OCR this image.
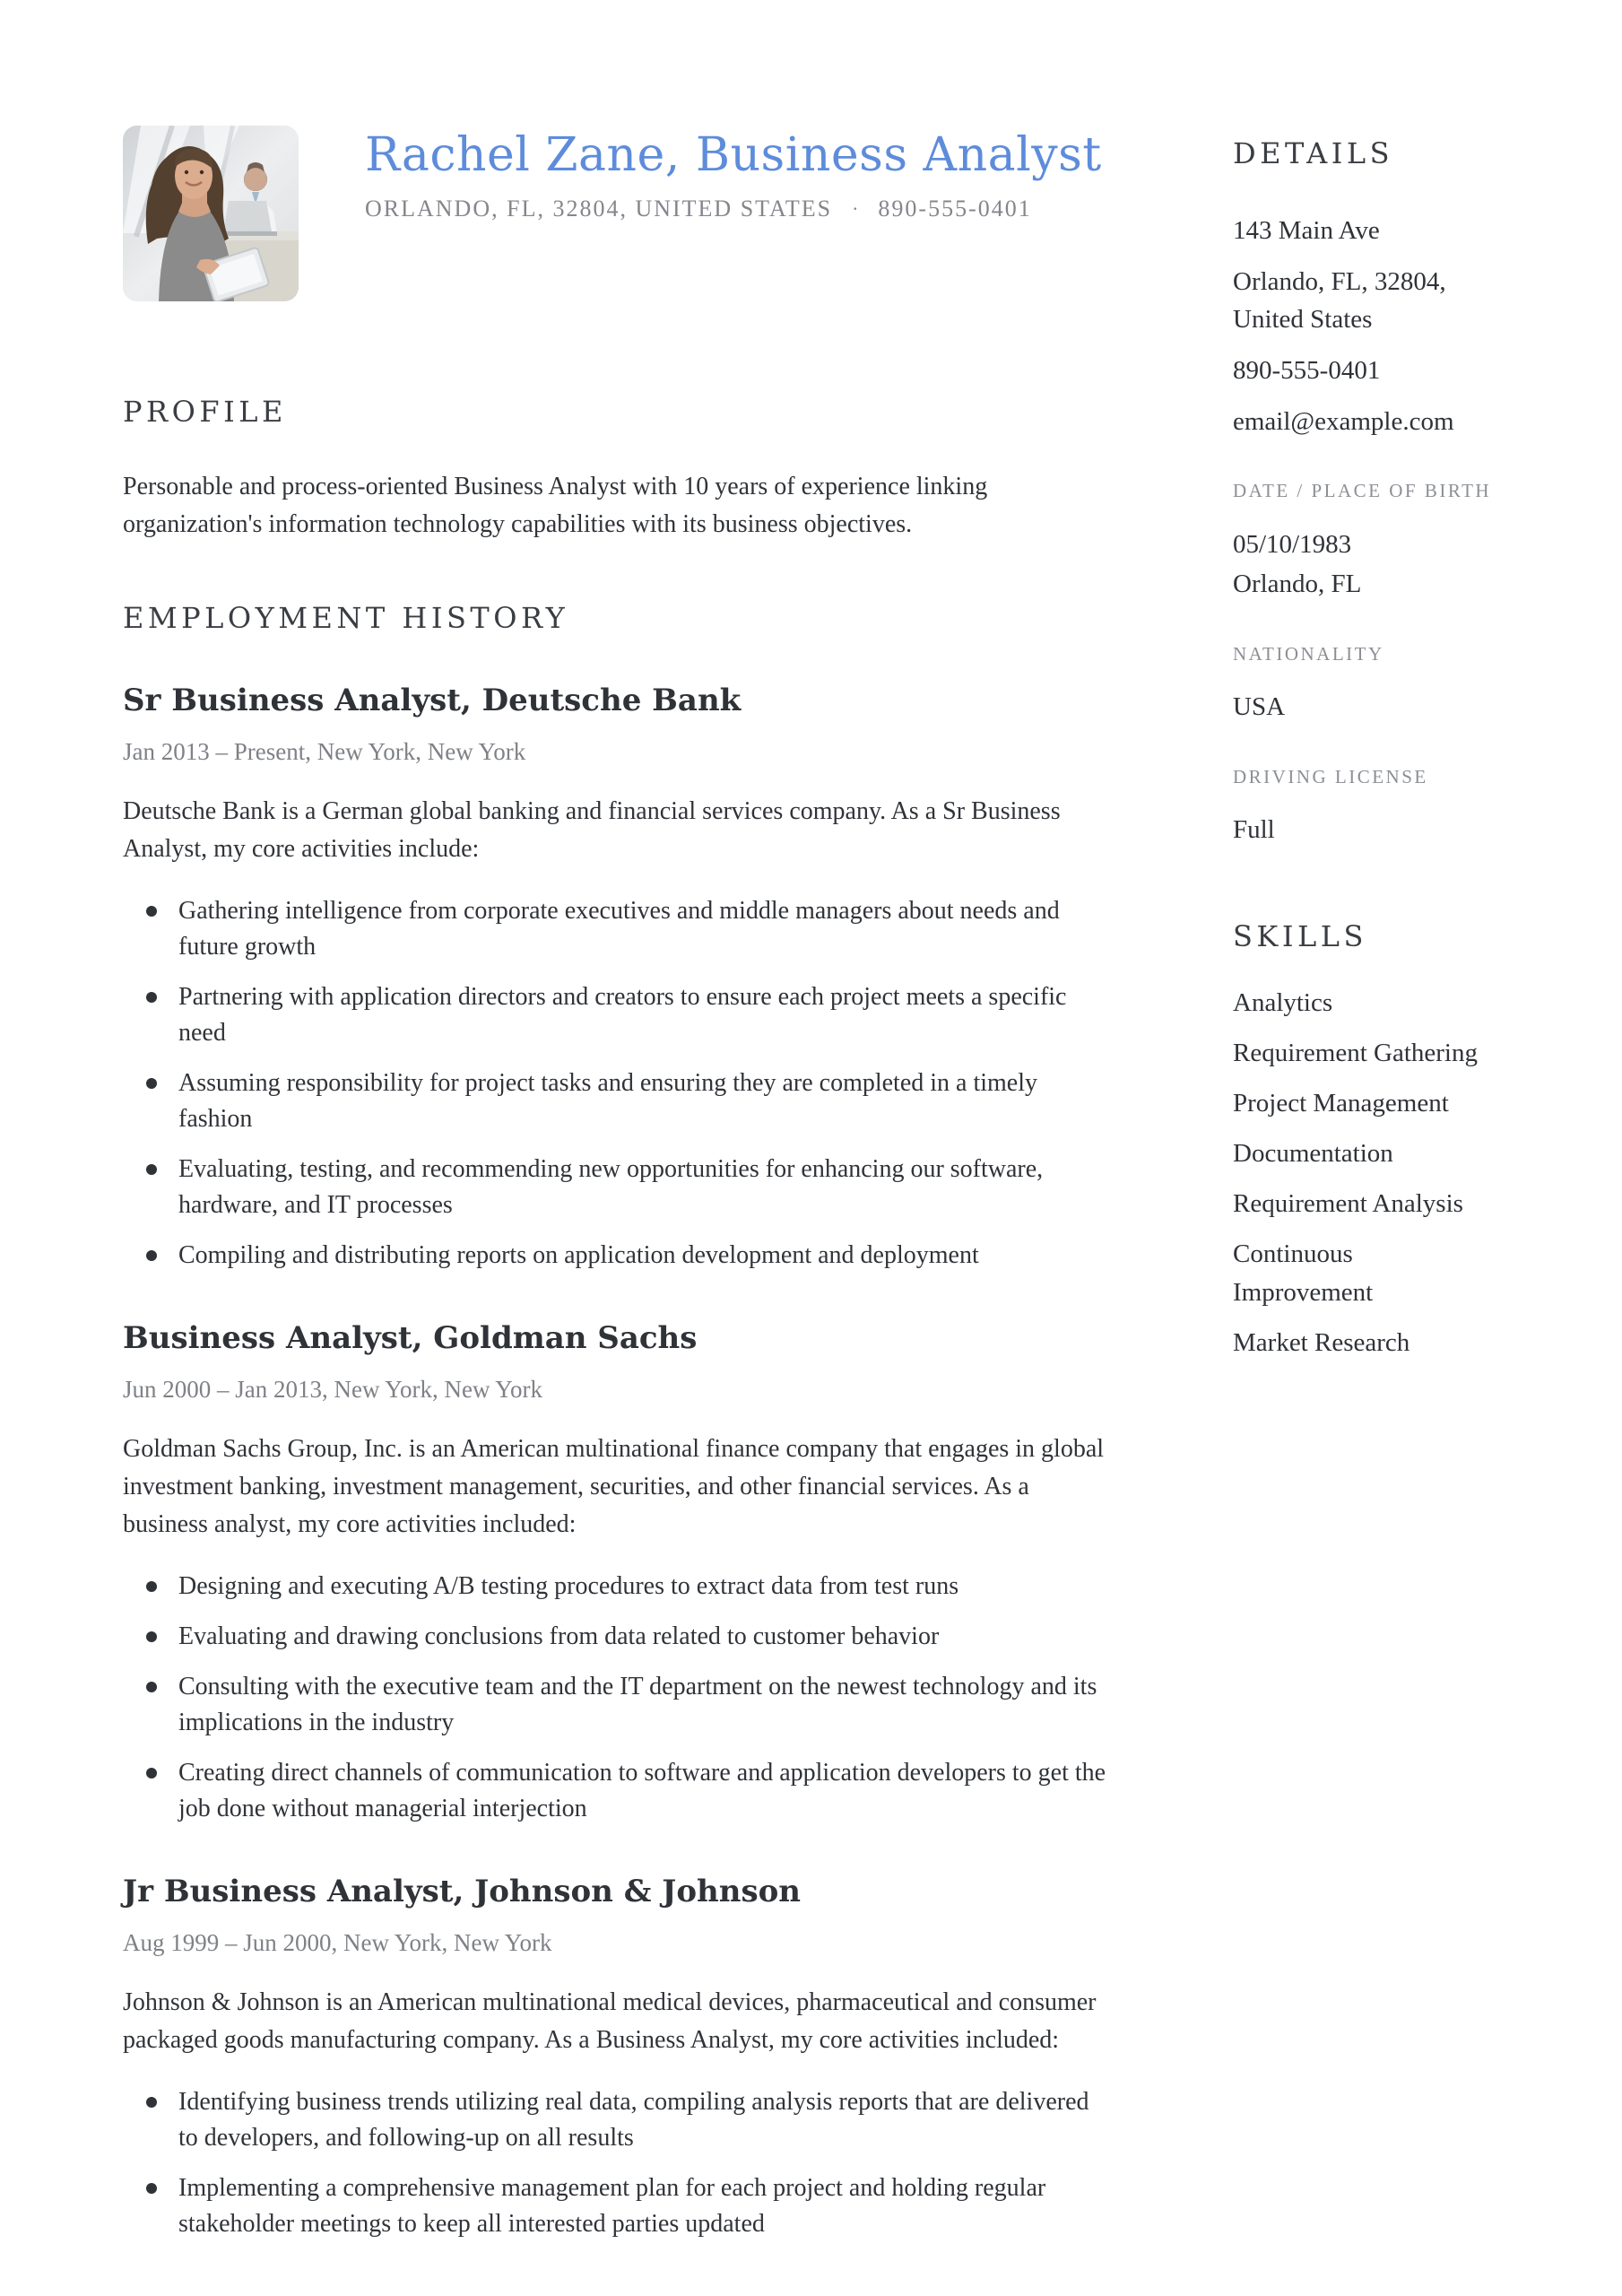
Rachel Zane, Business Analyst
ORLANDO, FL, 32804, UNITED STATES · 890-555-0401
PROFILE

Personable and process-oriented Business Analyst with 10 years of experience linking organization's information technology capabilities with its business objectives.

EMPLOYMENT HISTORY
Sr Business Analyst, Deutsche Bank

Jan 2013 – Present, New York, New York

Deutsche Bank is a German global banking and financial services company. As a Sr Business Analyst, my core activities include:

Gathering intelligence from corporate executives and middle managers about needs and future growth
Partnering with application directors and creators to ensure each project meets a specific need
Assuming responsibility for project tasks and ensuring they are completed in a timely fashion
Evaluating, testing, and recommending new opportunities for enhancing our software, hardware, and IT processes
Compiling and distributing reports on application development and deployment
Business Analyst, Goldman Sachs

Jun 2000 – Jan 2013, New York, New York

Goldman Sachs Group, Inc. is an American multinational finance company that engages in global investment banking, investment management, securities, and other financial services. As a business analyst, my core activities included:

Designing and executing A/B testing procedures to extract data from test runs
Evaluating and drawing conclusions from data related to customer behavior
Consulting with the executive team and the IT department on the newest technology and its implications in the industry
Creating direct channels of communication to software and application developers to get the job done without managerial interjection
Jr Business Analyst, Johnson & Johnson

Aug 1999 – Jun 2000, New York, New York

Johnson & Johnson is an American multinational medical devices, pharmaceutical and consumer packaged goods manufacturing company. As a Business Analyst, my core activities included:

Identifying business trends utilizing real data, compiling analysis reports that are delivered to developers, and following-up on all results
Implementing a comprehensive management plan for each project and holding regular stakeholder meetings to keep all interested parties updated
DETAILS
143 Main Ave
Orlando, FL, 32804, United States
890-555-0401
email@example.com
DATE / PLACE OF BIRTH
05/10/1983
Orlando, FL
NATIONALITY
USA
DRIVING LICENSE
Full
SKILLS
Analytics
Requirement Gathering
Project Management
Documentation
Requirement Analysis
Continuous Improvement
Market Research
